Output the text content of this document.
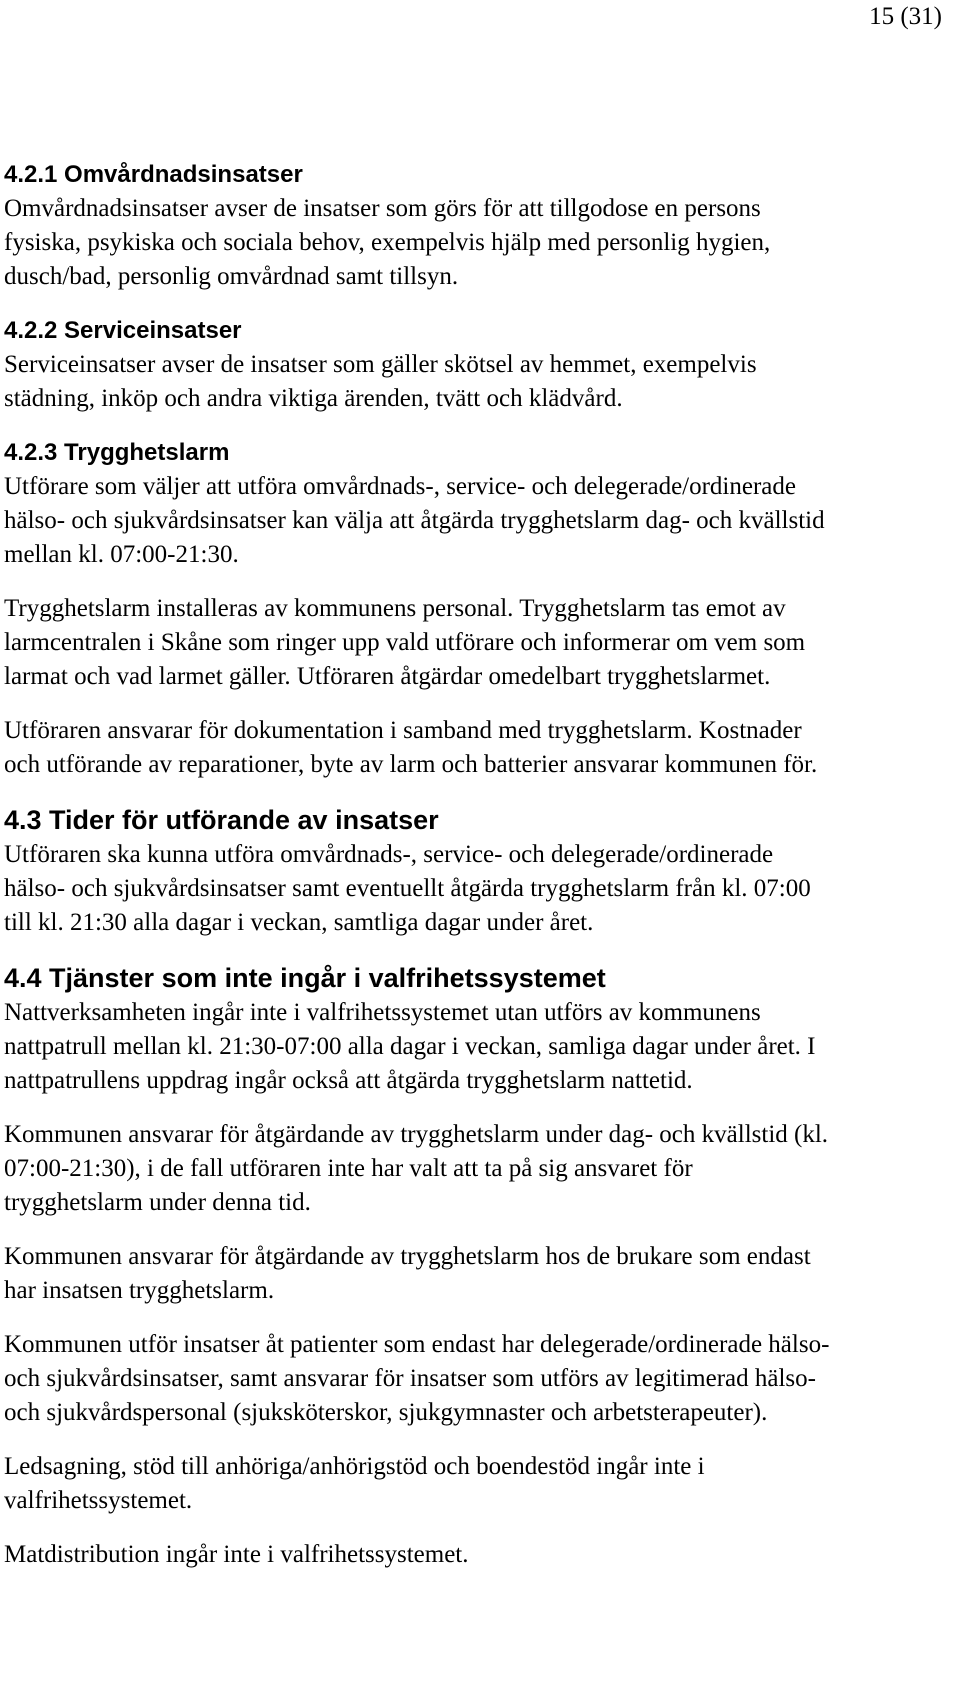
15 (31)
4.2.1 Omvårdnadsinsatser

Omvårdnadsinsatser avser de insatser som görs för att tillgodose en persons
fysiska, psykiska och sociala behov, exempelvis hjälp med personlig hygien,
dusch/bad, personlig omvårdnad samt tillsyn.

4.2.2 Serviceinsatser

Serviceinsatser avser de insatser som gäller skötsel av hemmet, exempelvis
städning, inköp och andra viktiga ärenden, tvätt och klädvård.

4.2.3 Trygghetslarm

Utförare som väljer att utföra omvårdnads-, service- och delegerade/ordinerade
hälso- och sjukvårdsinsatser kan välja att åtgärda trygghetslarm dag- och kvällstid
mellan kl. 07:00-21:30.

Trygghetslarm installeras av kommunens personal. Trygghetslarm tas emot av
larmcentralen i Skåne som ringer upp vald utförare och informerar om vem som
larmat och vad larmet gäller. Utföraren åtgärdar omedelbart trygghetslarmet.

Utföraren ansvarar för dokumentation i samband med trygghetslarm. Kostnader
och utförande av reparationer, byte av larm och batterier ansvarar kommunen för.

4.3 Tider för utförande av insatser

Utföraren ska kunna utföra omvårdnads-, service- och delegerade/ordinerade
hälso- och sjukvårdsinsatser samt eventuellt åtgärda trygghetslarm från kl. 07:00
till kl. 21:30 alla dagar i veckan, samtliga dagar under året.

4.4 Tjänster som inte ingår i valfrihetssystemet

Nattverksamheten ingår inte i valfrihetssystemet utan utförs av kommunens
nattpatrull mellan kl. 21:30-07:00 alla dagar i veckan, samliga dagar under året. I
nattpatrullens uppdrag ingår också att åtgärda trygghetslarm nattetid.

Kommunen ansvarar för åtgärdande av trygghetslarm under dag- och kvällstid (kl.
07:00-21:30), i de fall utföraren inte har valt att ta på sig ansvaret för
trygghetslarm under denna tid.

Kommunen ansvarar för åtgärdande av trygghetslarm hos de brukare som endast
har insatsen trygghetslarm.

Kommunen utför insatser åt patienter som endast har delegerade/ordinerade hälso-
och sjukvårdsinsatser, samt ansvarar för insatser som utförs av legitimerad hälso-
och sjukvårdspersonal (sjuksköterskor, sjukgymnaster och arbetsterapeuter).

Ledsagning, stöd till anhöriga/anhörigstöd och boendestöd ingår inte i
valfrihetssystemet.

Matdistribution ingår inte i valfrihetssystemet.
